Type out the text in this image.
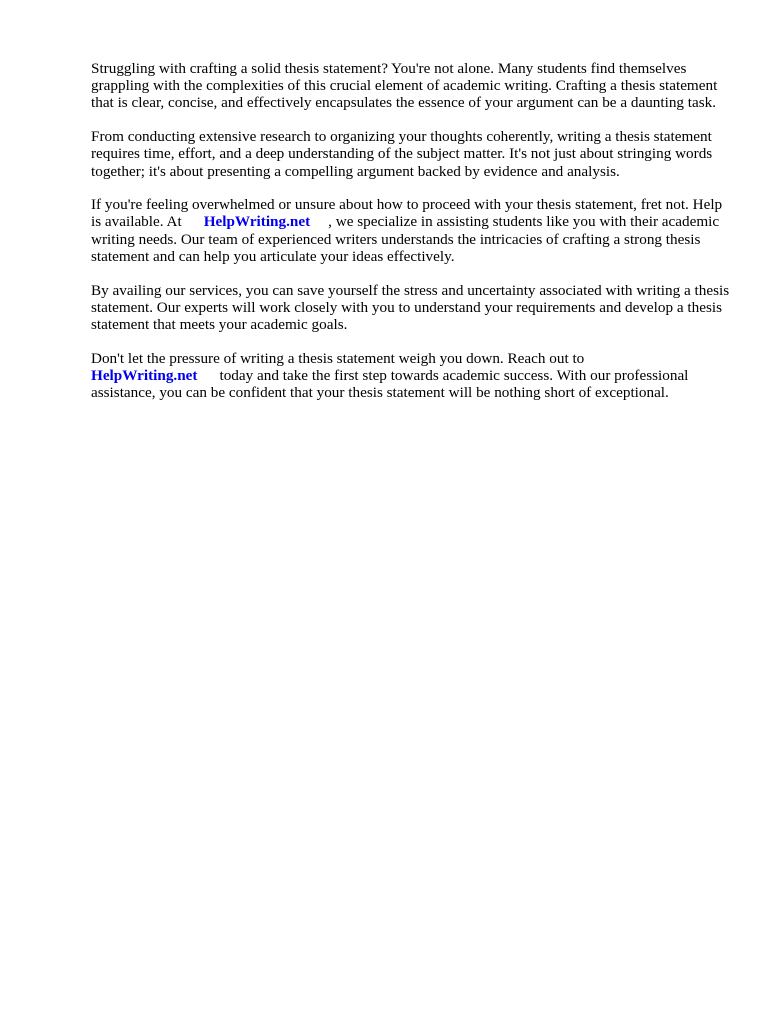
Struggling with crafting a solid thesis statement? You're not alone. Many students find themselves grappling with the complexities of this crucial element of academic writing. Crafting a thesis statement that is clear, concise, and effectively encapsulates the essence of your argument can be a daunting task.

From conducting extensive research to organizing your thoughts coherently, writing a thesis statement requires time, effort, and a deep understanding of the subject matter. It's not just about stringing words together; it's about presenting a compelling argument backed by evidence and analysis.

If you're feeling overwhelmed or unsure about how to proceed with your thesis statement, fret not. Help is available. At HelpWriting.net , we specialize in assisting students like you with their academic writing needs. Our team of experienced writers understands the intricacies of crafting a strong thesis statement and can help you articulate your ideas effectively.

By availing our services, you can save yourself the stress and uncertainty associated with writing a thesis statement. Our experts will work closely with you to understand your requirements and develop a thesis statement that meets your academic goals.

Don't let the pressure of writing a thesis statement weigh you down. Reach out to
HelpWriting.net today and take the first step towards academic success. With our professional assistance, you can be confident that your thesis statement will be nothing short of exceptional.
